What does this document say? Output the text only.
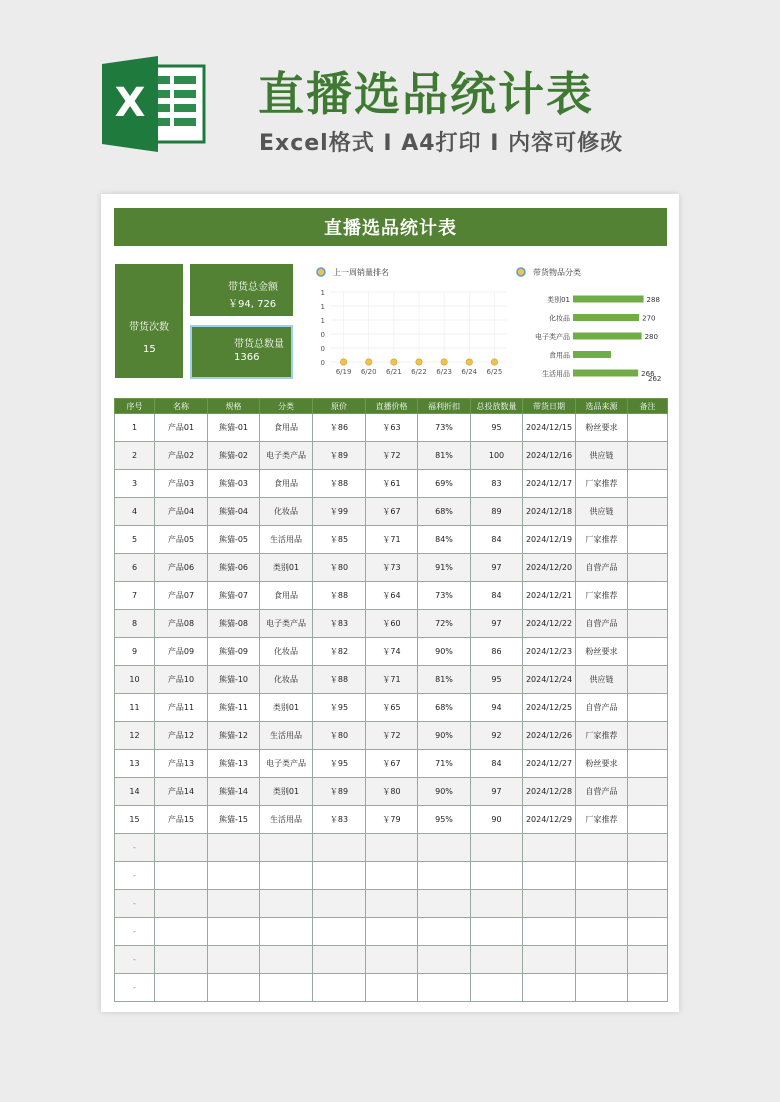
X 直播选品统计表
Excel格式 I A4打印 I 内容可修改
直播选品统计表
带货次数
15
带货总金额
￥94, 726
带货总数量
1366
上一周销量排名
1
1
1
0
0
0
6/19 6/20 6/21 6/22 6/23 6/24 6/25
带货物品分类
类别01	288
化妆品	270
电子类产品	280
食用品
生活用品	266
262
序号	名称	规格	分类	原价	直播价格	福利折扣	总投放数量	带货日期	选品来源	备注
1	产品01	熊猫-01	食用品	￥86	￥63	73%	95	2024/12/15	粉丝要求	
2	产品02	熊猫-02	电子类产品	￥89	￥72	81%	100	2024/12/16	供应链	
3	产品03	熊猫-03	食用品	￥88	￥61	69%	83	2024/12/17	厂家推荐	
4	产品04	熊猫-04	化妆品	￥99	￥67	68%	89	2024/12/18	供应链	
5	产品05	熊猫-05	生活用品	￥85	￥71	84%	84	2024/12/19	厂家推荐	
6	产品06	熊猫-06	类别01	￥80	￥73	91%	97	2024/12/20	自营产品	
7	产品07	熊猫-07	食用品	￥88	￥64	73%	84	2024/12/21	厂家推荐	
8	产品08	熊猫-08	电子类产品	￥83	￥60	72%	97	2024/12/22	自营产品	
9	产品09	熊猫-09	化妆品	￥82	￥74	90%	86	2024/12/23	粉丝要求	
10	产品10	熊猫-10	化妆品	￥88	￥71	81%	95	2024/12/24	供应链	
11	产品11	熊猫-11	类别01	￥95	￥65	68%	94	2024/12/25	自营产品	
12	产品12	熊猫-12	生活用品	￥80	￥72	90%	92	2024/12/26	厂家推荐	
13	产品13	熊猫-13	电子类产品	￥95	￥67	71%	84	2024/12/27	粉丝要求	
14	产品14	熊猫-14	类别01	￥89	￥80	90%	97	2024/12/28	自营产品	
15	产品15	熊猫-15	生活用品	￥83	￥79	95%	90	2024/12/29	厂家推荐	
-										
-										
-										
-										
-										
-										
